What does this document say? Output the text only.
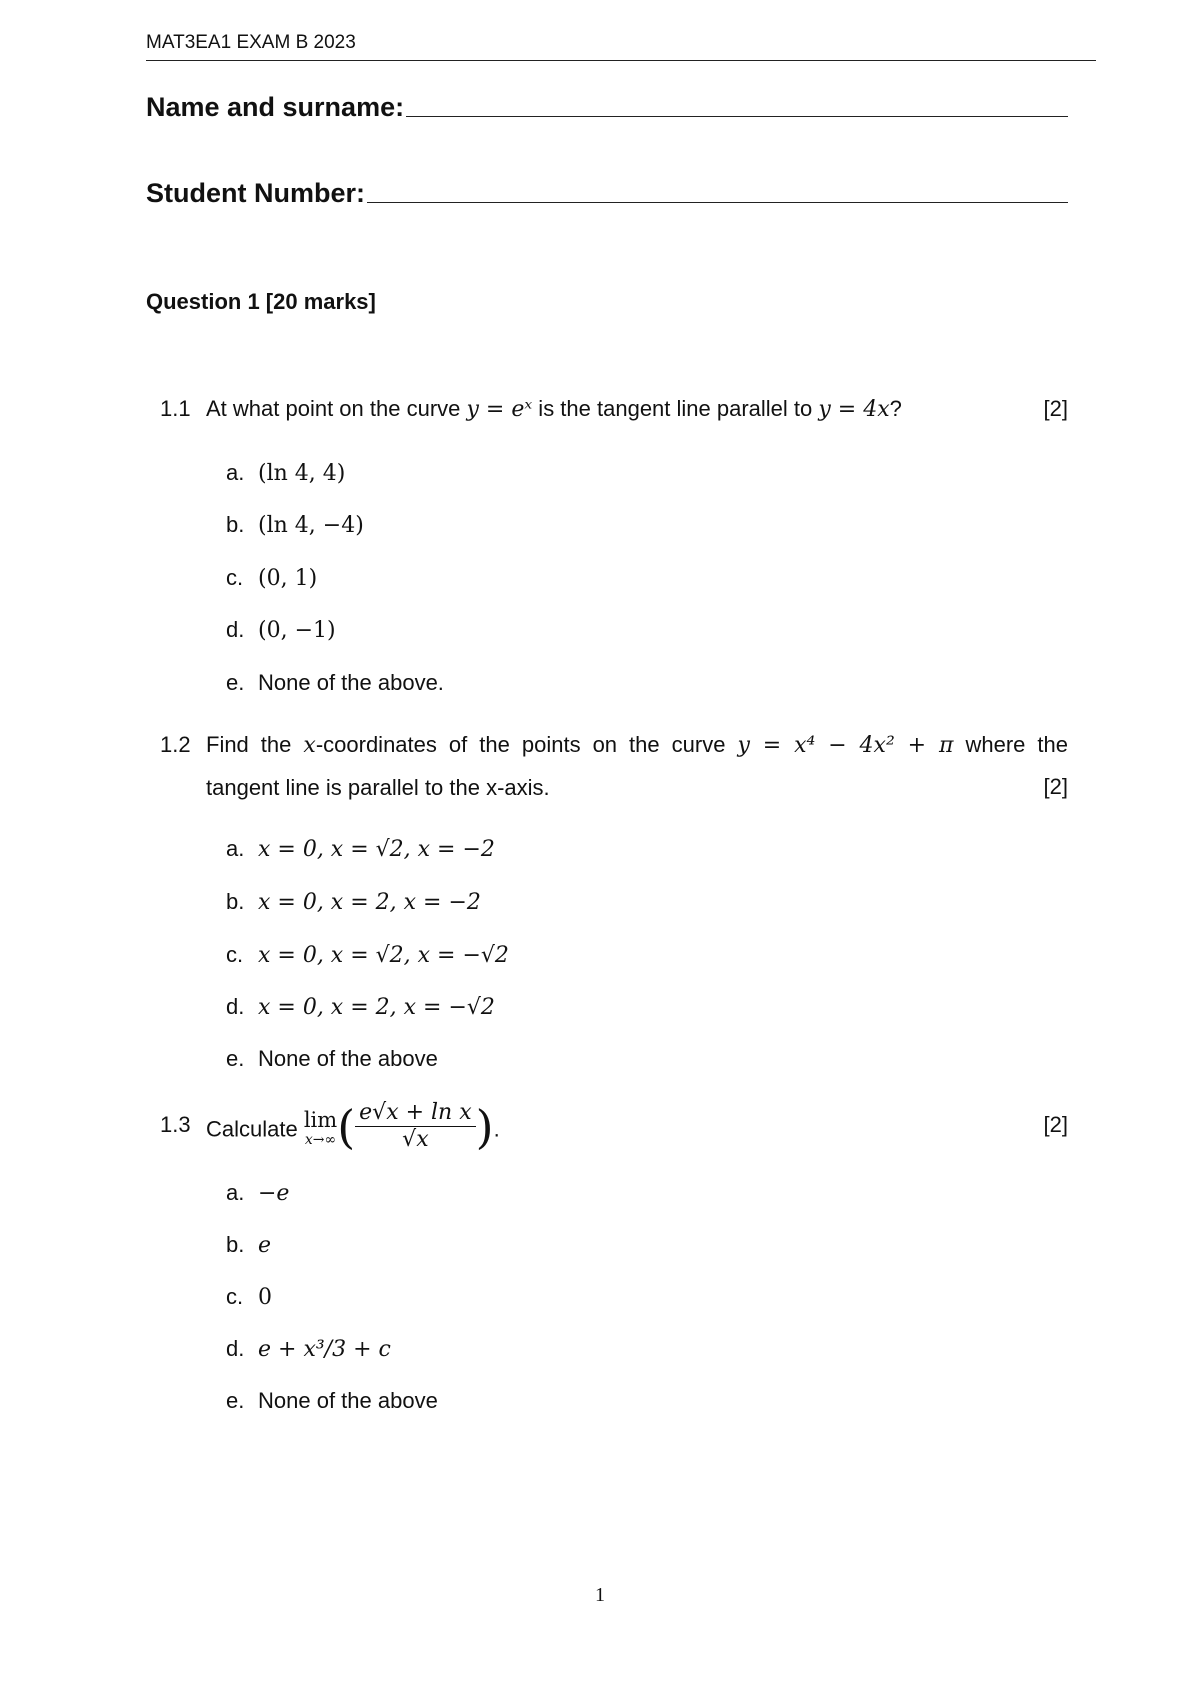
MAT3EA1 EXAM B 2023
Name and surname:
Student Number:
Question 1 [20 marks]
1.1 At what point on the curve y = eˣ is the tangent line parallel to y = 4x?	[2]
a. (ln 4, 4)
b. (ln 4, −4)
c. (0, 1)
d. (0, −1)
e. None of the above.
1.2 Find the x-coordinates of the points on the curve y = x⁴ − 4x² + π where the
tangent line is parallel to the x-axis.	[2]
a. x = 0, x = √2, x = −2
b. x = 0, x = 2, x = −2
c. x = 0, x = √2, x = −√2
d. x = 0, x = 2, x = −√2
e. None of the above
1.3 Calculate lim
x→∞ ( $\frac{\text{e√x + ln x}}{√x}$ ).	[2]
a. −e
b. e
c. 0
d. e + x³/3 + c
e. None of the above
1
